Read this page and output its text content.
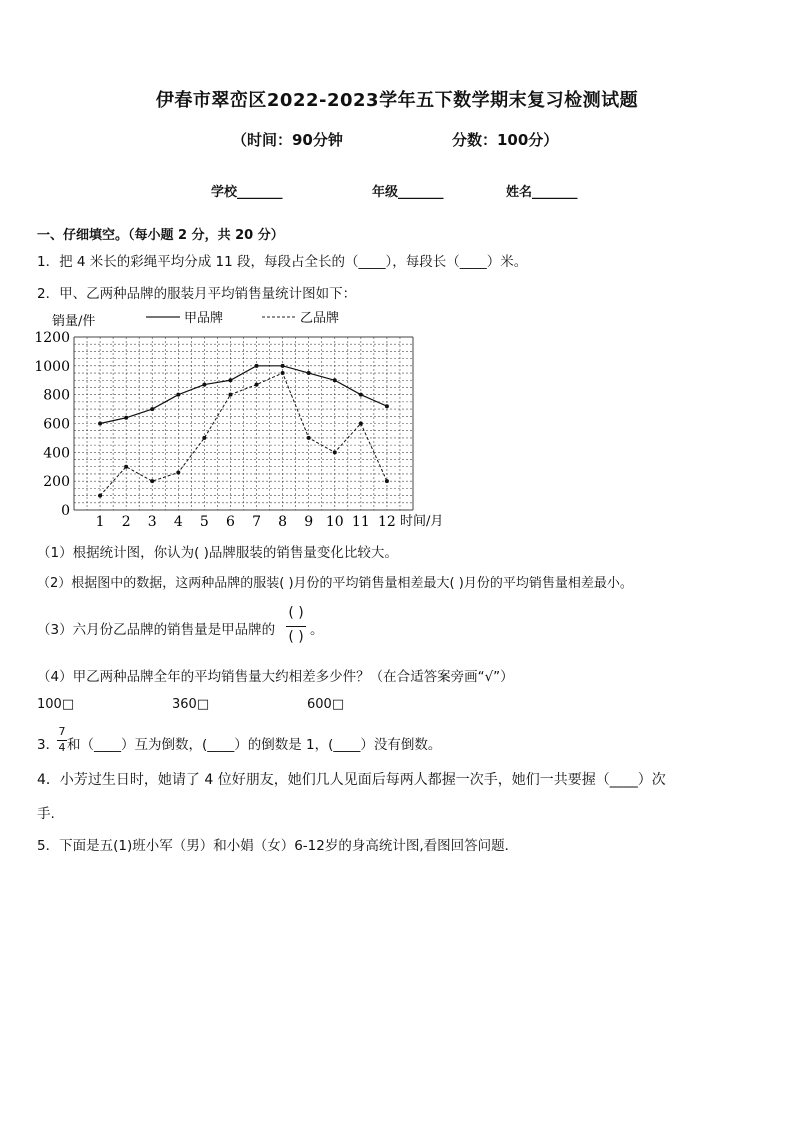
伊春市翠峦区2022-2023学年五下数学期末复习检测试题
（时间：90分钟	分数：100分）
学校_______	年级_______	姓名_______
一、仔细填空。（每小题 2 分，共 20 分）
1．把 4 米长的彩绳平均分成 11 段，每段占全长的（____），每段长（____）米。
2．甲、乙两种品牌的服装月平均销售量统计图如下：
销量/件	甲品牌	乙品牌
0
200
400
600
800
1000
1200
1 2 3 4 5 6 7 8 9 10 11 12 时间/月
（1）根据统计图，你认为( )品牌服装的销售量变化比较大。
（2）根据图中的数据，这两种品牌的服装( )月份的平均销售量相差最大( )月份的平均销售量相差最小。
（3）六月份乙品牌的销售量是甲品牌的
( )
( ) 。
（4）甲乙两种品牌全年的平均销售量大约相差多少件？（在合适答案旁画“√”）
100□	360□	600□
3．
7
4 和（____）互为倒数，(____）的倒数是 1，(____）没有倒数。
4．小芳过生日时，她请了 4 位好朋友，她们几人见面后每两人都握一次手，她们一共要握（____）次
手.
5．下面是五(1)班小军（男）和小娟（女）6-12岁的身高统计图,看图回答问题．
